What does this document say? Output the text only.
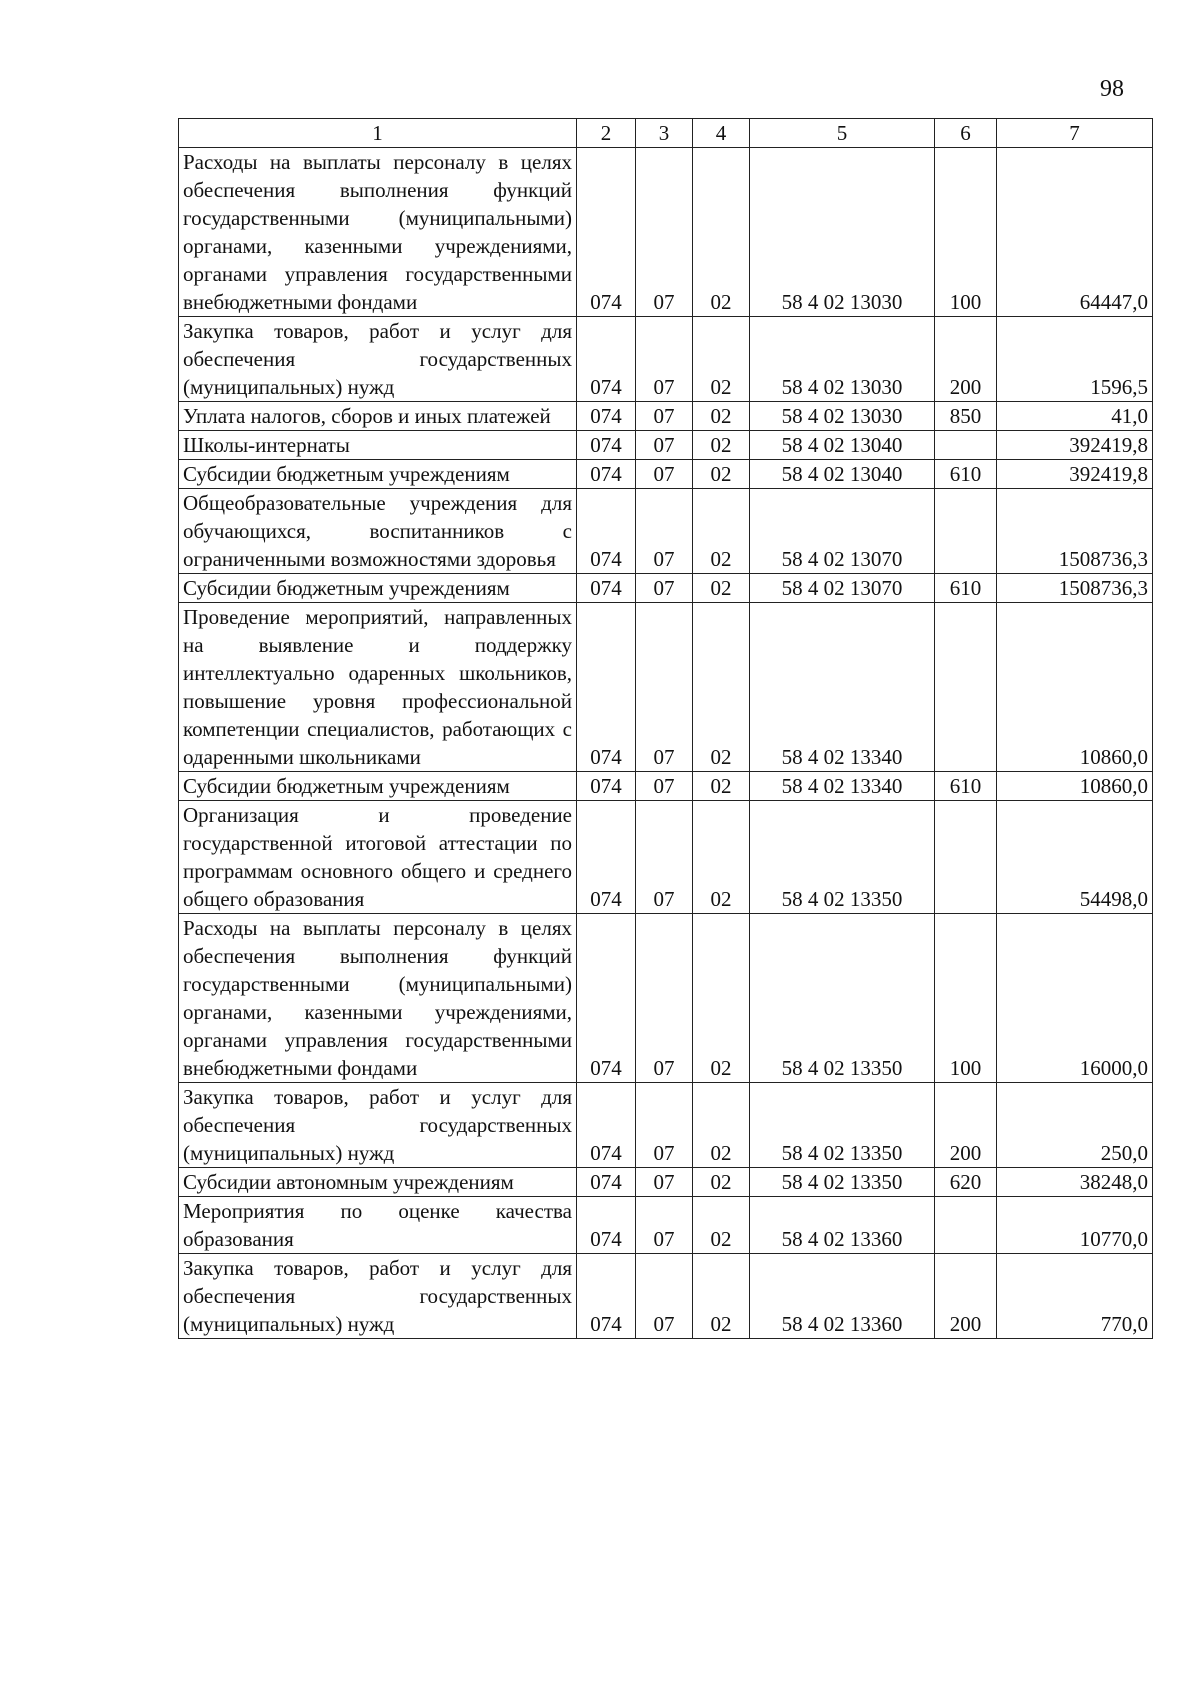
98
1	2	3	4	5	6	7
Расходы на выплаты персоналу в целях обеспечения выполнения функций государственными (муниципальными) органами, казенными учреждениями, органами управления государственными внебюджетными фондами	074	07	02	58 4 02 13030	100	64447,0
Закупка товаров, работ и услуг для обеспечения государственных (муниципальных) нужд	074	07	02	58 4 02 13030	200	1596,5
Уплата налогов, сборов и иных платежей	074	07	02	58 4 02 13030	850	41,0
Школы-интернаты	074	07	02	58 4 02 13040		392419,8
Субсидии бюджетным учреждениям	074	07	02	58 4 02 13040	610	392419,8
Общеобразовательные учреждения для обучающихся, воспитанников с ограниченными возможностями здоровья	074	07	02	58 4 02 13070		1508736,3
Субсидии бюджетным учреждениям	074	07	02	58 4 02 13070	610	1508736,3
Проведение мероприятий, направленных на выявление и поддержку интеллектуально одаренных школьников, повышение уровня профессиональной компетенции специалистов, работающих с одаренными школьниками	074	07	02	58 4 02 13340		10860,0
Субсидии бюджетным учреждениям	074	07	02	58 4 02 13340	610	10860,0
Организация и проведение государственной итоговой аттестации по программам основного общего и среднего общего образования	074	07	02	58 4 02 13350		54498,0
Расходы на выплаты персоналу в целях обеспечения выполнения функций государственными (муниципальными) органами, казенными учреждениями, органами управления государственными внебюджетными фондами	074	07	02	58 4 02 13350	100	16000,0
Закупка товаров, работ и услуг для обеспечения государственных (муниципальных) нужд	074	07	02	58 4 02 13350	200	250,0
Субсидии автономным учреждениям	074	07	02	58 4 02 13350	620	38248,0
Мероприятия по оценке качества образования	074	07	02	58 4 02 13360		10770,0
Закупка товаров, работ и услуг для обеспечения государственных (муниципальных) нужд	074	07	02	58 4 02 13360	200	770,0
